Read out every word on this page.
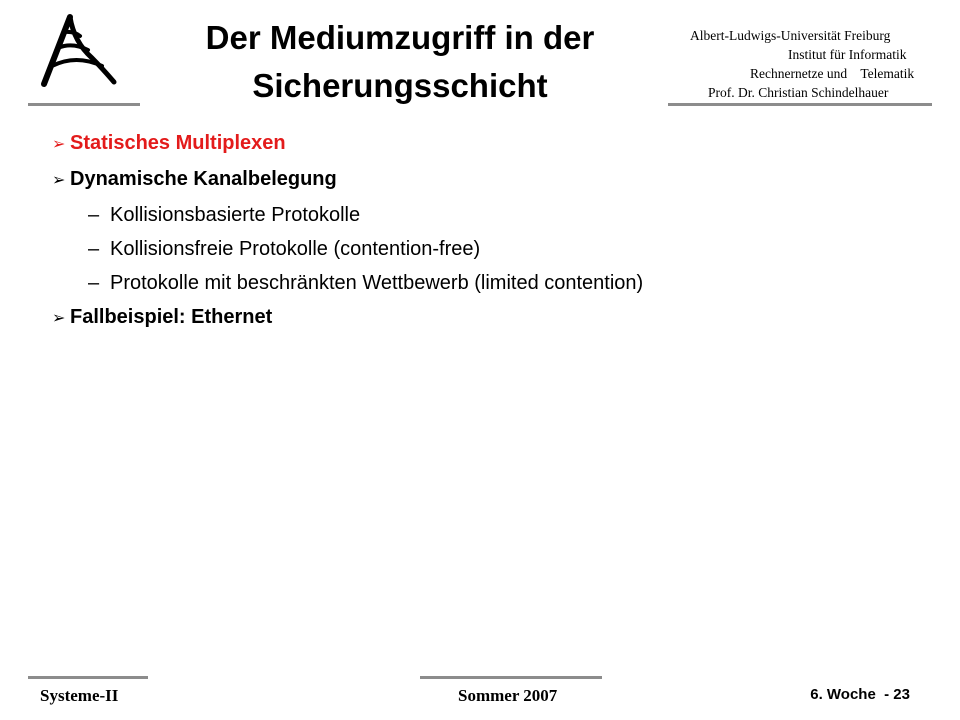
Der Mediumzugriff in der
Sicherungsschicht
Albert-Ludwigs-Universität Freiburg
Institut für Informatik
Rechnernetze und    Telematik
Prof. Dr. Christian Schindelhauer
➢ Statisches Multiplexen
➢ Dynamische Kanalbelegung
– Kollisionsbasierte Protokolle
– Kollisionsfreie Protokolle (contention-free)
– Protokolle mit beschränkten Wettbewerb (limited contention)
➢ Fallbeispiel: Ethernet
Systeme-II	Sommer 2007	6. Woche  - 23
